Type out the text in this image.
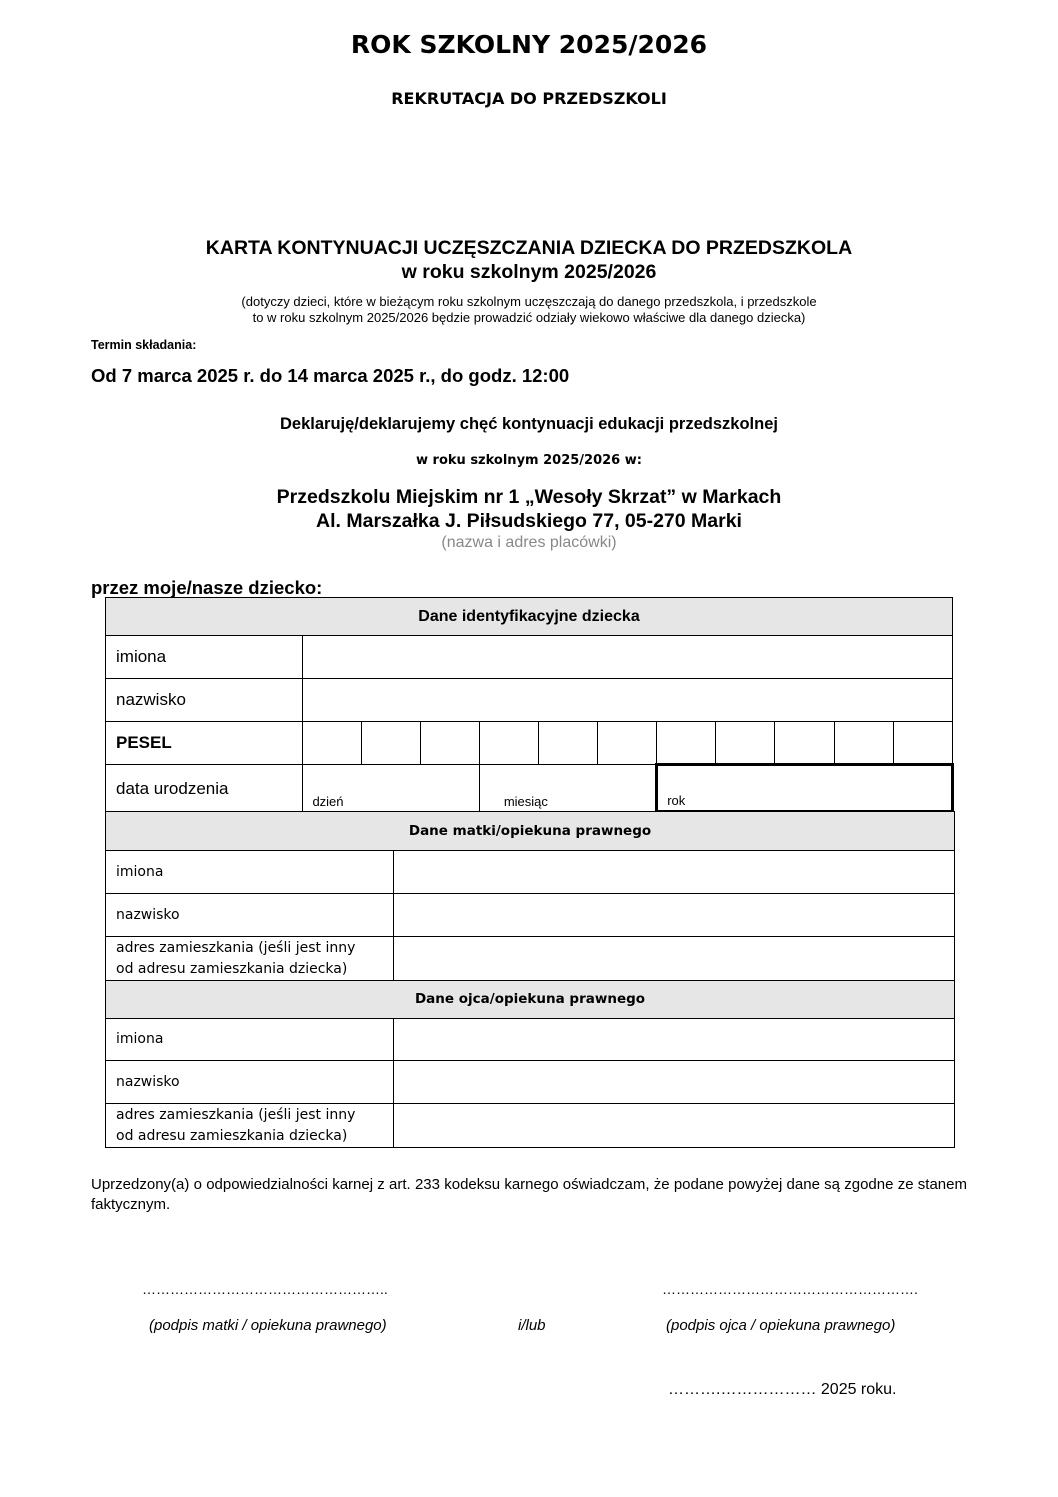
ROK SZKOLNY 2025/2026
REKRUTACJA DO PRZEDSZKOLI
KARTA KONTYNUACJI UCZĘSZCZANIA DZIECKA DO PRZEDSZKOLA
w roku szkolnym 2025/2026
(dotyczy dzieci, które w bieżącym roku szkolnym uczęszczają do danego przedszkola, i przedszkole
to w roku szkolnym 2025/2026 będzie prowadzić odziały wiekowo właściwe dla danego dziecka)
Termin składania:
Od 7 marca 2025 r. do 14 marca 2025 r., do godz. 12:00
Deklaruję/deklarujemy chęć kontynuacji edukacji przedszkolnej
w roku szkolnym 2025/2026 w:
Przedszkolu Miejskim nr 1 „Wesoły Skrzat” w Markach
Al. Marszałka J. Piłsudskiego 77, 05-270 Marki
(nazwa i adres placówki)
przez moje/nasze dziecko:
Dane identyfikacyjne dziecka											
imiona											
nazwisko											
PESEL											
data urodzenia	dzień			miesiąc			rok				
Dane matki/opiekuna prawnego	
imiona	
nazwisko	

adres zamieszkania (jeśli jest inny
od adresu zamieszkania dziecka)	

Dane ojca/opiekuna prawnego	
imiona	
nazwisko	

adres zamieszkania (jeśli jest inny
od adresu zamieszkania dziecka)	

Uprzedzony(a) o odpowiedzialności karnej z art. 233 kodeksu karnego oświadczam, że podane powyżej dane są zgodne ze stanem faktycznym.
……………………………………………..	……………………………………………….
(podpis matki / opiekuna prawnego)	i/lub	(podpis ojca / opiekuna prawnego)
……….……………… 2025 roku.
